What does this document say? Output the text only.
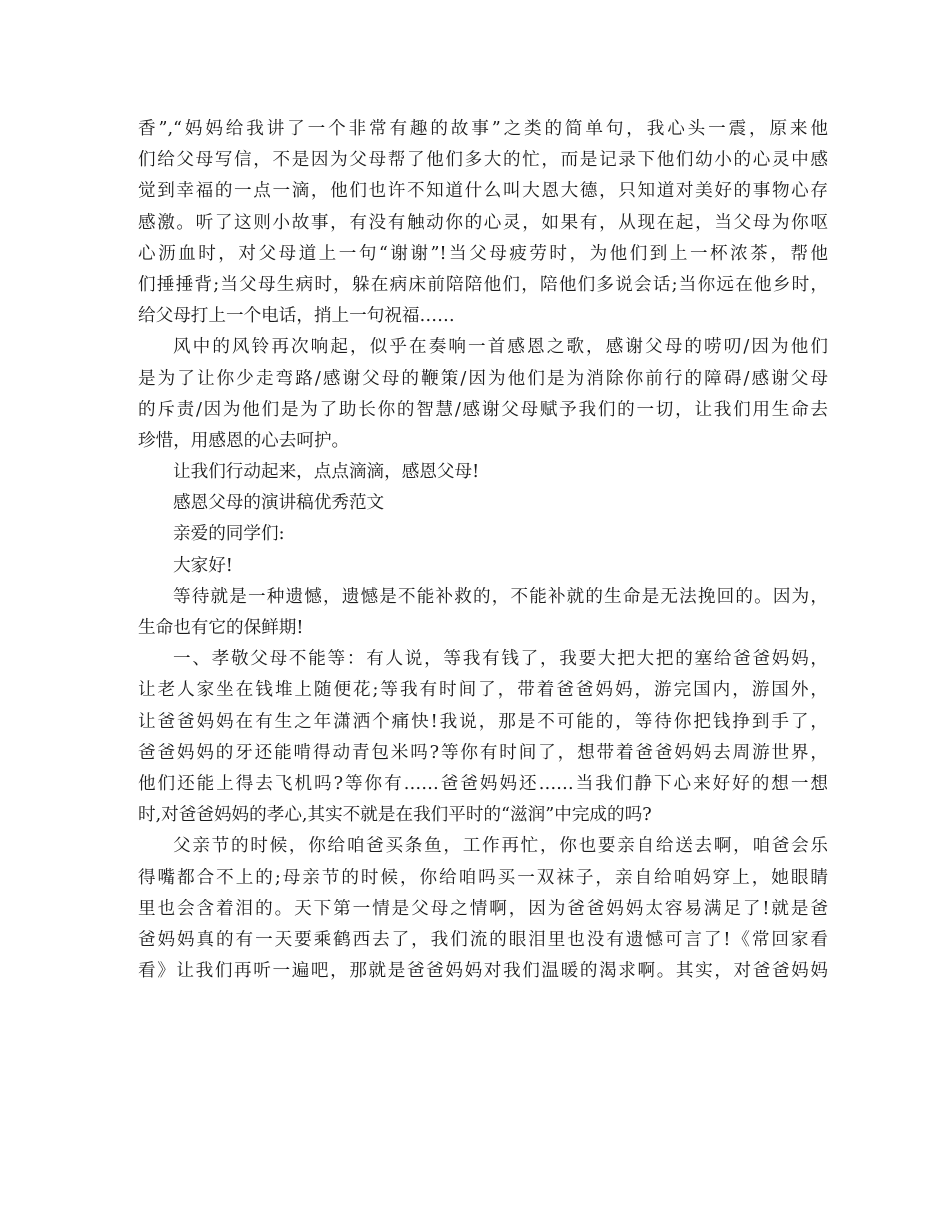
香”,“妈妈给我讲了一个非常有趣的故事”之类的简单句，我心头一震，原来他
们给父母写信，不是因为父母帮了他们多大的忙，而是记录下他们幼小的心灵中感
觉到幸福的一点一滴，他们也许不知道什么叫大恩大德，只知道对美好的事物心存
感激。听了这则小故事，有没有触动你的心灵，如果有，从现在起，当父母为你呕
心沥血时，对父母道上一句“谢谢”!当父母疲劳时，为他们到上一杯浓茶，帮他
们捶捶背;当父母生病时，躲在病床前陪陪他们，陪他们多说会话;当你远在他乡时，
给父母打上一个电话，捎上一句祝福……
风中的风铃再次响起，似乎在奏响一首感恩之歌，感谢父母的唠叨/因为他们
是为了让你少走弯路/感谢父母的鞭策/因为他们是为消除你前行的障碍/感谢父母
的斥责/因为他们是为了助长你的智慧/感谢父母赋予我们的一切，让我们用生命去
珍惜，用感恩的心去呵护。
让我们行动起来，点点滴滴，感恩父母!
感恩父母的演讲稿优秀范文
亲爱的同学们:
大家好!
等待就是一种遗憾，遗憾是不能补救的，不能补就的生命是无法挽回的。因为，
生命也有它的保鲜期!
一、孝敬父母不能等：有人说，等我有钱了，我要大把大把的塞给爸爸妈妈，
让老人家坐在钱堆上随便花;等我有时间了，带着爸爸妈妈，游完国内，游国外，
让爸爸妈妈在有生之年潇洒个痛快!我说，那是不可能的，等待你把钱挣到手了，
爸爸妈妈的牙还能啃得动青包米吗?等你有时间了，想带着爸爸妈妈去周游世界，
他们还能上得去飞机吗?等你有……爸爸妈妈还……当我们静下心来好好的想一想
时,对爸爸妈妈的孝心,其实不就是在我们平时的“滋润”中完成的吗?
父亲节的时候，你给咱爸买条鱼，工作再忙，你也要亲自给送去啊，咱爸会乐
得嘴都合不上的;母亲节的时候，你给咱吗买一双袜子，亲自给咱妈穿上，她眼睛
里也会含着泪的。天下第一情是父母之情啊，因为爸爸妈妈太容易满足了!就是爸
爸妈妈真的有一天要乘鹤西去了，我们流的眼泪里也没有遗憾可言了!《常回家看
看》让我们再听一遍吧，那就是爸爸妈妈对我们温暖的渴求啊。其实，对爸爸妈妈
